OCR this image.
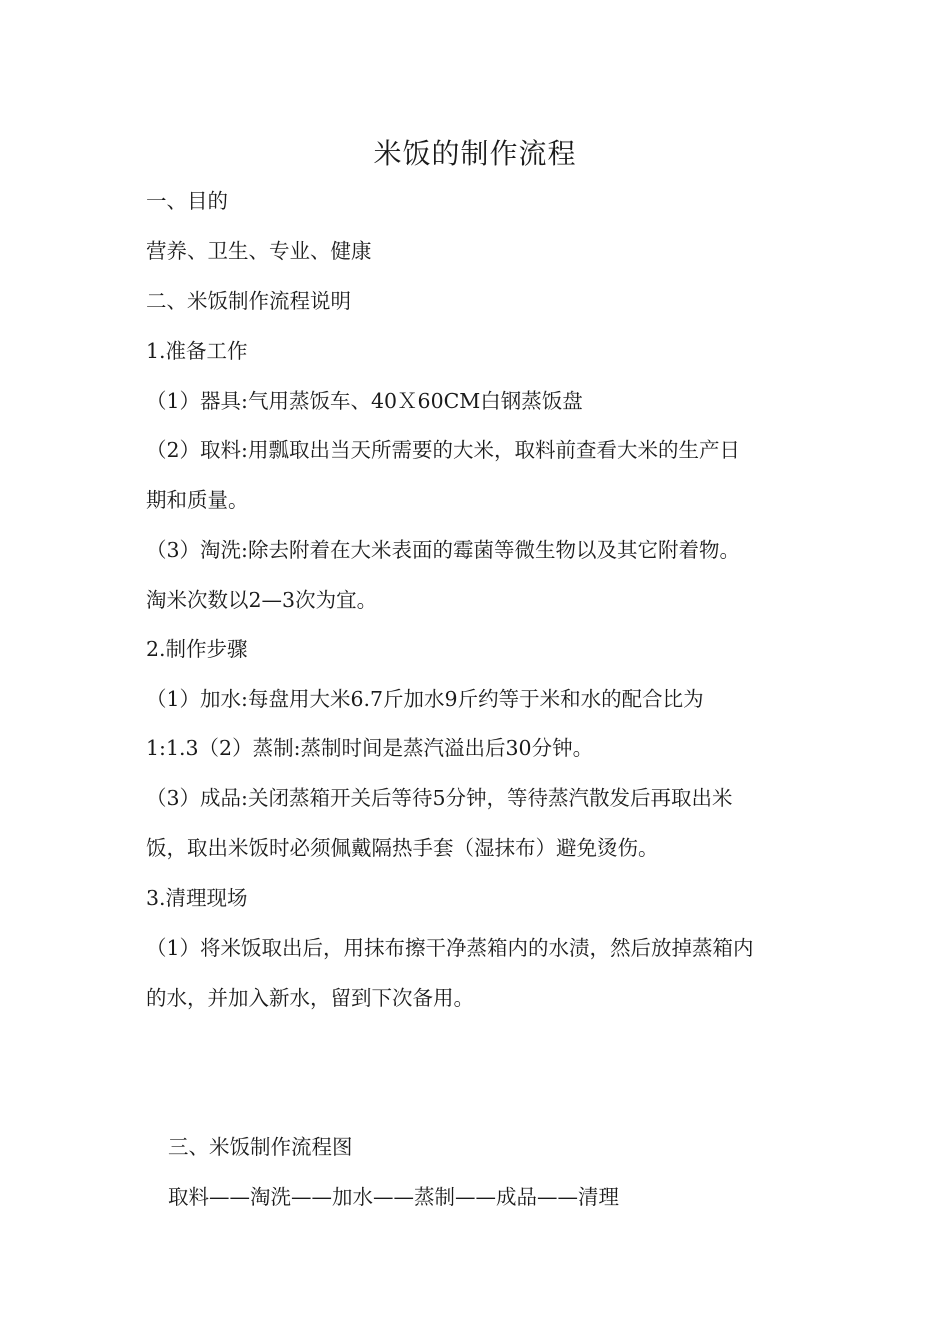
米饭的制作流程
一、目的
营养、卫生、专业、健康
二、米饭制作流程说明
1.准备工作
（1）器具:气用蒸饭车、40Ｘ60CM白钢蒸饭盘
（2）取料:用瓢取出当天所需要的大米，取料前查看大米的生产日
期和质量。
（3）淘洗:除去附着在大米表面的霉菌等微生物以及其它附着物。
淘米次数以2—3次为宜。
2.制作步骤
（1）加水:每盘用大米6.7斤加水9斤约等于米和水的配合比为
1:1.3（2）蒸制:蒸制时间是蒸汽溢出后30分钟。
（3）成品:关闭蒸箱开关后等待5分钟，等待蒸汽散发后再取出米
饭，取出米饭时必须佩戴隔热手套（湿抹布）避免烫伤。
3.清理现场
（1）将米饭取出后，用抹布擦干净蒸箱内的水渍，然后放掉蒸箱内
的水，并加入新水，留到下次备用。
三、米饭制作流程图
取料——淘洗——加水——蒸制——成品——清理
